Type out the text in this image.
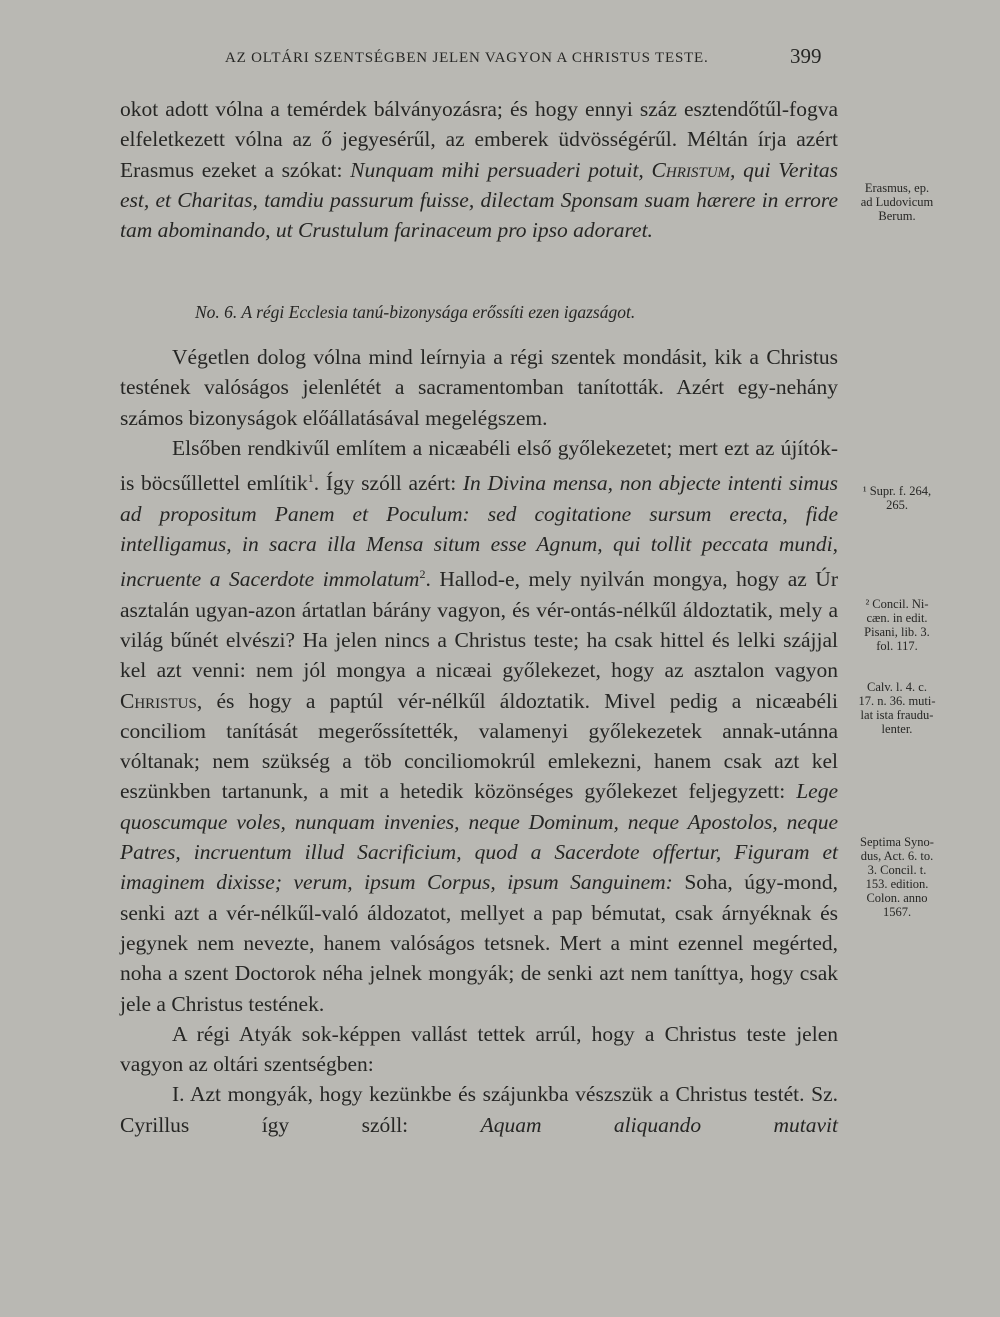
AZ OLTÁRI SZENTSÉGBEN JELEN VAGYON A CHRISTUS TESTE.	399

okot adott vólna a temérdek bálványozásra; és hogy ennyi száz esztendőtűl-fogva elfeletkezett vólna az ő jegyesérűl, az emberek üdvösségérűl. Méltán írja azért Erasmus ezeket a szókat: Nunquam mihi persuaderi potuit, Christum, qui Veritas est, et Charitas, tamdiu passurum fuisse, dilectam Sponsam suam hærere in errore tam abominando, ut Crustulum farinaceum pro ipso adoraret.

No. 6. A régi Ecclesia tanú-bizonysága erőssíti ezen igazságot.

Végetlen dolog vólna mind leírnyia a régi szentek mondásit, kik a Christus testének valóságos jelenlétét a sacramentomban tanították. Azért egy-nehány számos bizonyságok előállatásával megelégszem.

Elsőben rendkivűl említem a nicæabéli első győlekezetet; mert ezt az újítók-is böcsűllettel említik$^1$. Így szóll azért: In Divina mensa, non abjecte intenti simus ad propositum Panem et Poculum: sed cogitatione sursum erecta, fide intelligamus, in sacra illa Mensa situm esse Agnum, qui tollit peccata mundi, incruente a Sacerdote immolatum$^2$. Hallod-e, mely nyilván mongya, hogy az Úr asztalán ugyan-azon ártatlan bárány vagyon, és vér-ontás-nélkűl áldoztatik, mely a világ bűnét elvészi? Ha jelen nincs a Christus teste; ha csak hittel és lelki szájjal kel azt venni: nem jól mongya a nicæai győlekezet, hogy az asztalon vagyon Christus, és hogy a paptúl vér-nélkűl áldoztatik. Mivel pedig a nicæabéli conciliom tanítását megerőssítették, valamenyi győlekezetek annak-utánna vóltanak; nem szükség a töb conciliomokrúl emlekezni, hanem csak azt kel eszünkben tartanunk, a mit a hetedik közönséges győlekezet feljegyzett: Lege quoscumque voles, nunquam invenies, neque Dominum, neque Apostolos, neque Patres, incruentum illud Sacrificium, quod a Sacerdote offertur, Figuram et imaginem dixisse; verum, ipsum Corpus, ipsum Sanguinem: Soha, úgy-mond, senki azt a vér-nélkűl-való áldozatot, mellyet a pap bémutat, csak árnyéknak és jegynek nem nevezte, hanem valóságos tetsnek. Mert a mint ezennel megérted, noha a szent Doctorok néha jelnek mongyák; de senki azt nem taníttya, hogy csak jele a Christus testének.

A régi Atyák sok-képpen vallást tettek arrúl, hogy a Christus teste jelen vagyon az oltári szentségben:

I. Azt mongyák, hogy kezünkbe és szájunkba vészszük a Christus testét. Sz. Cyrillus így szóll: Aquam aliquando mutavit

Erasmus, ep.
ad Ludovicum
Berum.
¹ Supr. f. 264,
265.
² Concil. Ni-
cæn. in edit.
Pisani, lib. 3.
fol. 117.
Calv. l. 4. c.
17. n. 36. muti-
lat ista fraudu-
lenter.
Septima Syno-
dus, Act. 6. to.
3. Concil. t.
153. edition.
Colon. anno
1567.
